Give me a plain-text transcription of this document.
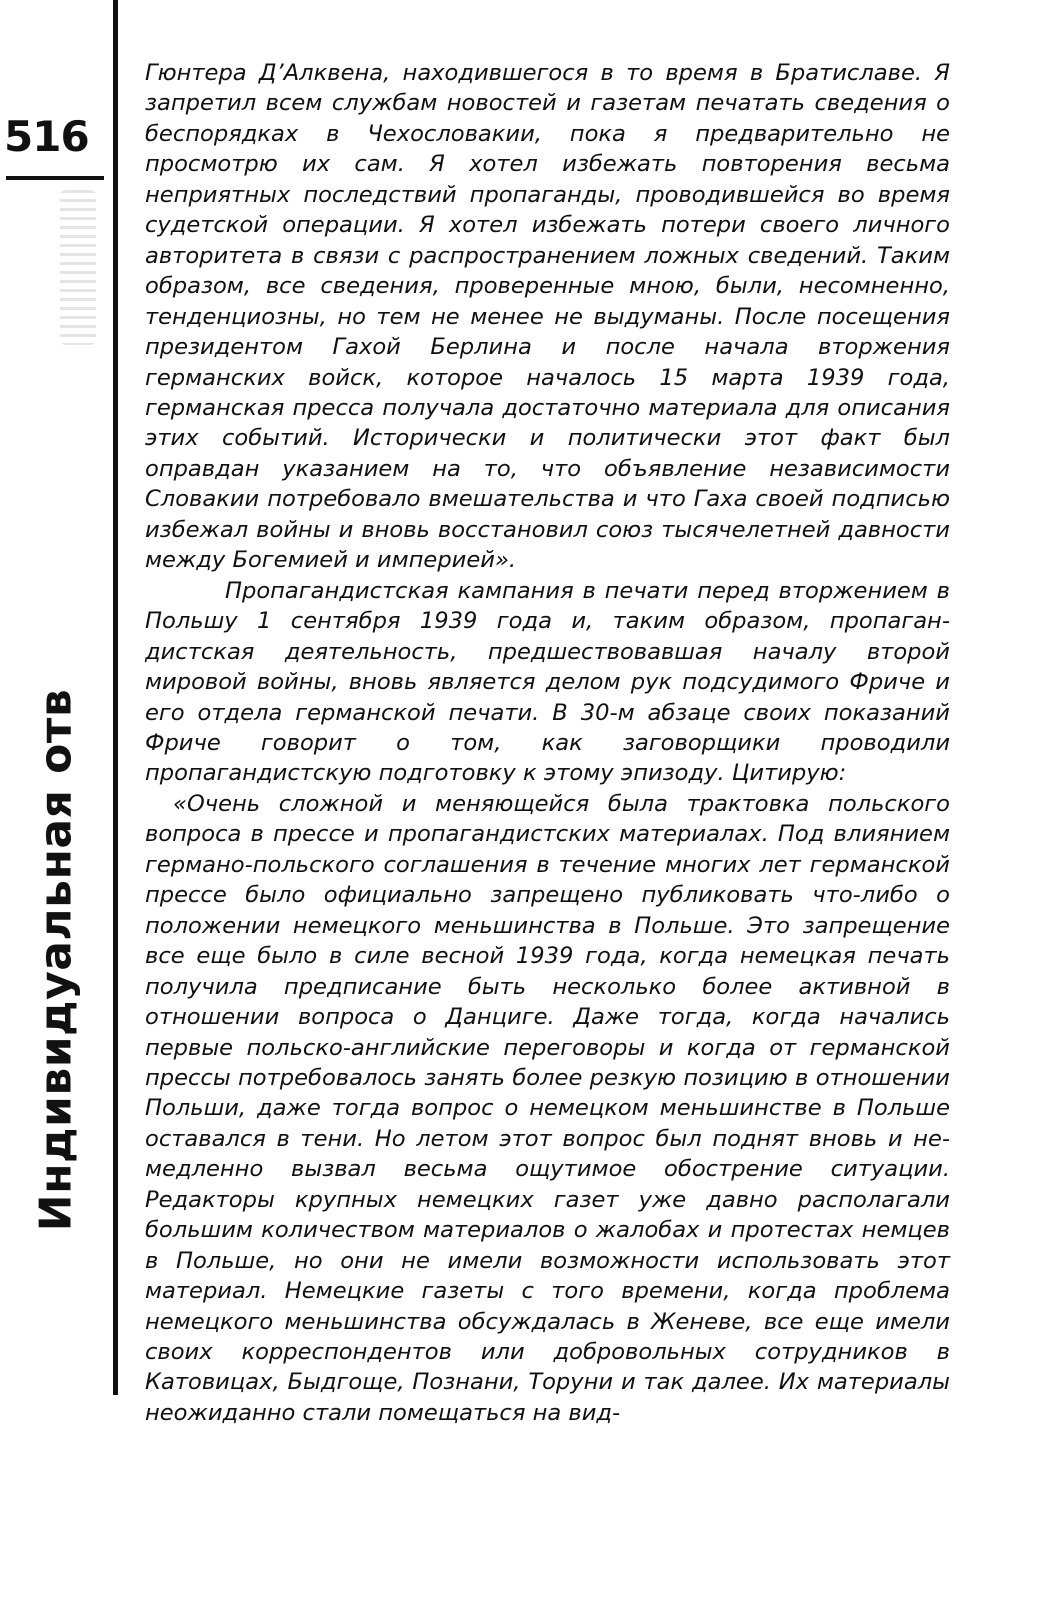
516
Индивидуальная отв

Гюнтера Д’Алквена, находившегося в то время в Братиславе. Я запретил всем службам новостей и газетам печатать сведения о беспорядках в Чехословакии, пока я предварительно не просмотрю их сам. Я хотел избежать повторения весьма неприятных последствий пропаганды, проводившейся во время судетской операции. Я хотел избежать потери своего личного авторитета в связи с распространением ложных сведений. Таким образом, все сведения, проверенные мною, были, несомненно, тенденциозны, но тем не менее не выдуманы. После посещения президентом Гахой Берлина и после начала вторжения германских войск, которое началось 15 марта 1939 года, германская пресса получала достаточно материала для описания этих событий. Исторически и политически этот факт был оправдан указанием на то, что объявление независимости Словакии потребовало вмешательства и что Гаха своей подписью избежал войны и вновь восстановил союз тысячелетней давности между Богемией и империей».

Пропагандистская кампания в печати перед вторжением в Польшу 1 сентября 1939 года и, таким образом, пропагандистская деятельность, предшествовавшая началу второй мировой войны, вновь является делом рук подсудимого Фриче и его отдела германской печати. В 30-м абзаце своих показаний Фриче говорит о том, как заговорщики проводили пропагандистскую подготовку к этому эпизоду. Цитирую:

«Очень сложной и меняющейся была трактовка польского вопроса в прессе и пропагандистских материалах. Под влиянием германо-польского соглашения в течение многих лет германской прессе было официально запрещено публиковать что-либо о положении немецкого меньшинства в Польше. Это запрещение все еще было в силе весной 1939 года, когда немецкая печать получила предписание быть несколько более активной в отношении вопроса о Данциге. Даже тогда, когда начались первые польско-английские переговоры и когда от германской прессы потребовалось занять более резкую позицию в отношении Польши, даже тогда вопрос о немецком меньшинстве в Польше оставался в тени. Но летом этот вопрос был поднят вновь и немедленно вызвал весьма ощутимое обострение ситуации. Редакторы крупных немецких газет уже давно располагали большим количеством материалов о жалобах и протестах немцев в Польше, но они не имели возможности использовать этот материал. Немецкие газеты с того времени, когда проблема немецкого меньшинства обсуждалась в Женеве, все еще имели своих корреспондентов или добровольных сотрудников в Катовицах, Быдгоще, Познани, Торуни и так далее. Их материалы неожиданно стали помещаться на вид-
